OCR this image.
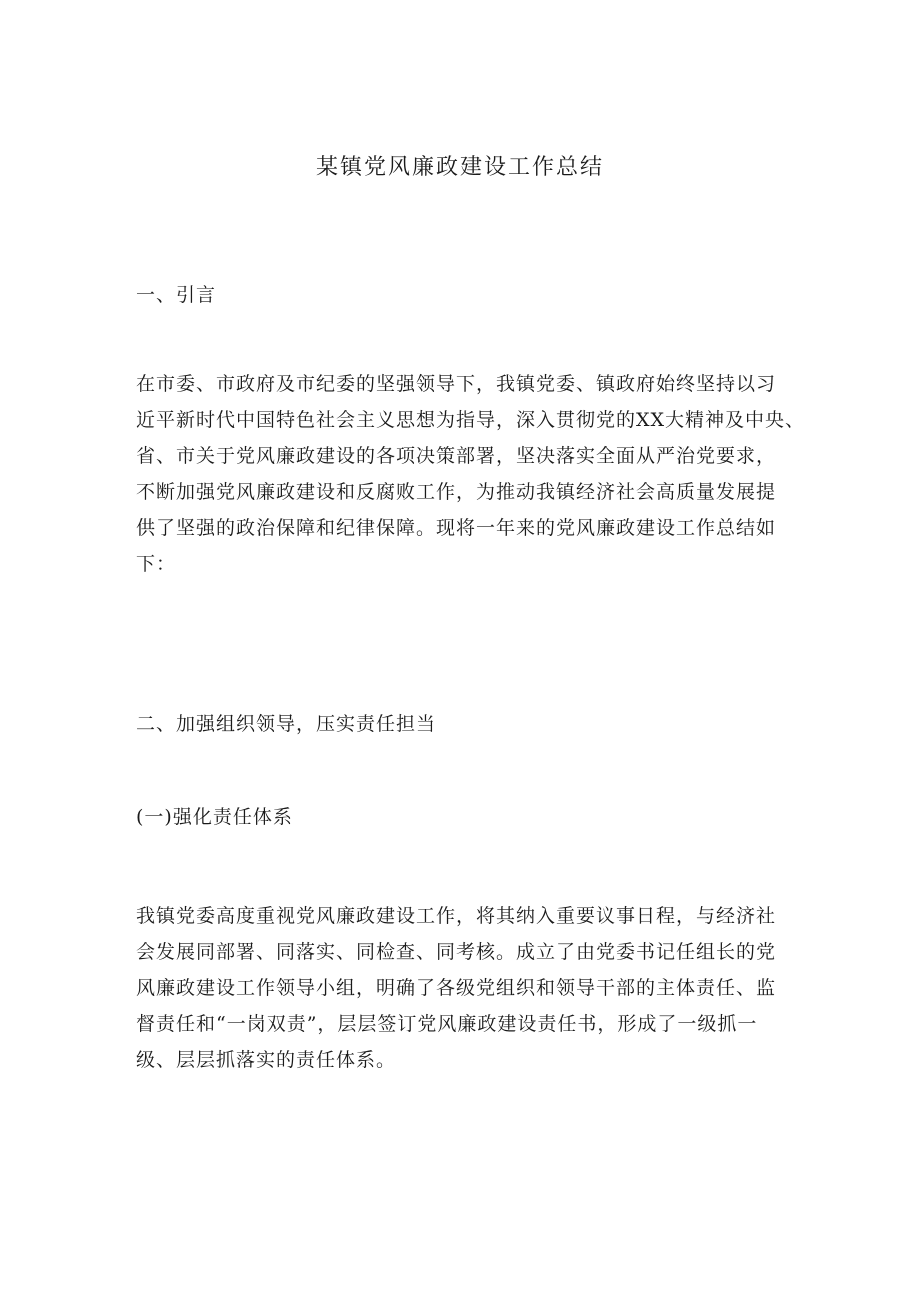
某镇党风廉政建设工作总结
一、引言
在市委、市政府及市纪委的坚强领导下，我镇党委、镇政府始终坚持以习
近平新时代中国特色社会主义思想为指导，深入贯彻党的XX大精神及中央、
省、市关于党风廉政建设的各项决策部署，坚决落实全面从严治党要求，
不断加强党风廉政建设和反腐败工作，为推动我镇经济社会高质量发展提
供了坚强的政治保障和纪律保障。现将一年来的党风廉政建设工作总结如
下：
二、加强组织领导，压实责任担当
(一)强化责任体系
我镇党委高度重视党风廉政建设工作，将其纳入重要议事日程，与经济社
会发展同部署、同落实、同检查、同考核。成立了由党委书记任组长的党
风廉政建设工作领导小组，明确了各级党组织和领导干部的主体责任、监
督责任和“一岗双责”，层层签订党风廉政建设责任书，形成了一级抓一
级、层层抓落实的责任体系。
